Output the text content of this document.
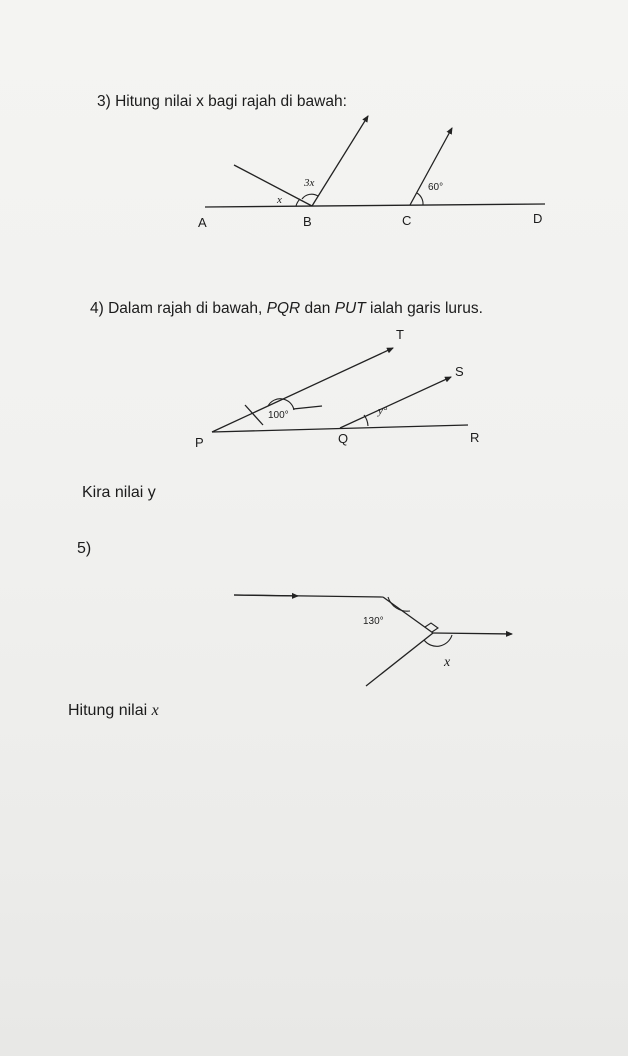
3) Hitung nilai x bagi rajah di bawah:
3x
x
60°
A	B	C	D
100°	y°
T
S
P	Q	R
130°
x
4) Dalam rajah di bawah, PQR dan PUT ialah garis lurus.
Kira nilai y
5)
Hitung nilai x
